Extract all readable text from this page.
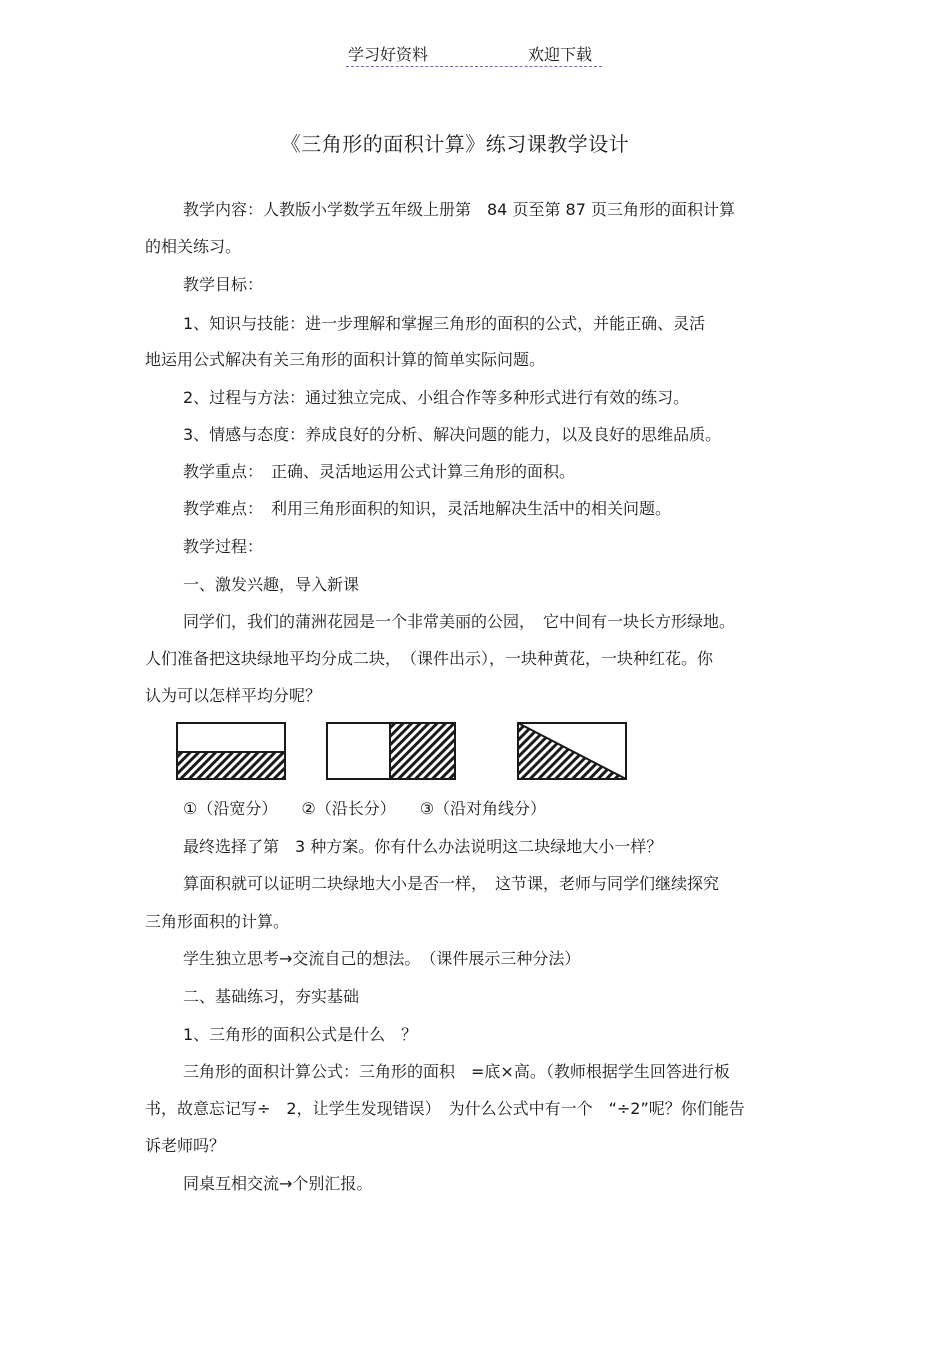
学习好资料	欢迎下载
《三角形的面积计算》练习课教学设计
教学内容：人教版小学数学五年级上册第　84 页至第 87 页三角形的面积计算
的相关练习。
教学目标：
1、知识与技能：进一步理解和掌握三角形的面积的公式，并能正确、灵活
地运用公式解决有关三角形的面积计算的简单实际问题。
2、过程与方法：通过独立完成、小组合作等多种形式进行有效的练习。
3、情感与态度：养成良好的分析、解决问题的能力，以及良好的思维品质。
教学重点：　正确、灵活地运用公式计算三角形的面积。
教学难点：　利用三角形面积的知识，灵活地解决生活中的相关问题。
教学过程：
一、激发兴趣，导入新课
同学们，我们的蒲洲花园是一个非常美丽的公园，　它中间有一块长方形绿地。
人们准备把这块绿地平均分成二块，　（课件出示），一块种黄花，一块种红花。你
认为可以怎样平均分呢？
①（沿宽分）　　②（沿长分）　　③（沿对角线分）
最终选择了第　3 种方案。你有什么办法说明这二块绿地大小一样？
算面积就可以证明二块绿地大小是否一样，　这节课，老师与同学们继续探究
三角形面积的计算。
学生独立思考→交流自己的想法。　（课件展示三种分法）
二、基础练习，夯实基础
1、三角形的面积公式是什么　？
三角形的面积计算公式：三角形的面积　=底×高。（教师根据学生回答进行板
书，故意忘记写÷　2，让学生发现错误）　为什么公式中有一个　“÷2”呢？你们能告
诉老师吗？
同桌互相交流→个别汇报。
